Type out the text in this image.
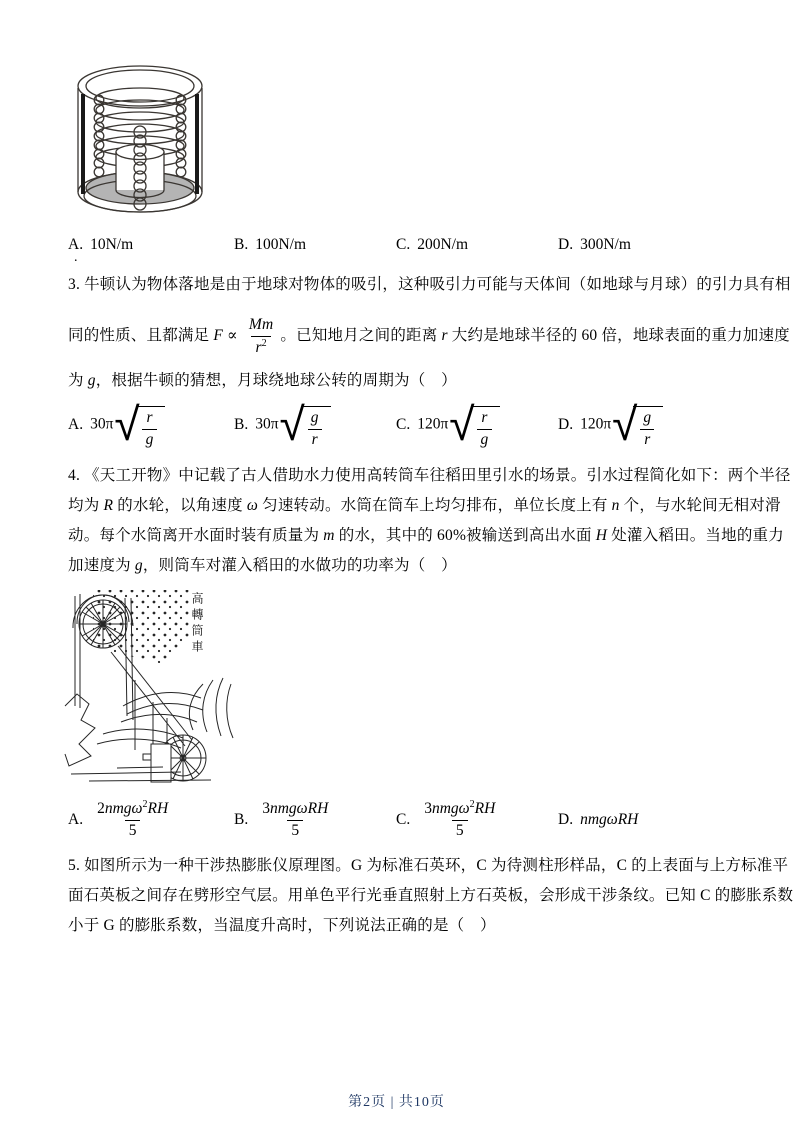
A. 10N/m	B. 100N/m	C. 200N/m	D. 300N/m
.
3. 牛顿认为物体落地是由于地球对物体的吸引，这种吸引力可能与天体间（如地球与月球）的引力具有相
同的性质、且都满足 $F \propto \frac{Mm}{r^2}$ 。已知地月之间的距离 r 大约是地球半径的 60 倍，地球表面的重力加速度
为 g，根据牛顿的猜想，月球绕地球公转的周期为（　）
A. 30π √ $\frac{r}{g}$	B. 30π √ $\frac{g}{r}$	C. 120π √ $\frac{r}{g}$	D. 120π √ $\frac{g}{r}$
4. 《天工开物》中记载了古人借助水力使用高转筒车往稻田里引水的场景。引水过程简化如下：两个半径
均为 R 的水轮，以角速度 ω 匀速转动。水筒在筒车上均匀排布，单位长度上有 n 个，与水轮间无相对滑
动。每个水筒离开水面时装有质量为 m 的水，其中的 60%被输送到高出水面 H 处灌入稻田。当地的重力
加速度为 g，则筒车对灌入稻田的水做功的功率为（　）
高轉筒車
A. $\frac{2nmg\omega^2RH}{5}$	B. $\frac{\text{3nmgωRH}}{5}$	C. $\frac{3nmg\omega^2RH}{5}$	D. nmgωRH
5. 如图所示为一种干涉热膨胀仪原理图。G 为标准石英环，C 为待测柱形样品，C 的上表面与上方标准平
面石英板之间存在劈形空气层。用单色平行光垂直照射上方石英板，会形成干涉条纹。已知 C 的膨胀系数
小于 G 的膨胀系数，当温度升高时，下列说法正确的是（　）
第2页 | 共10页
